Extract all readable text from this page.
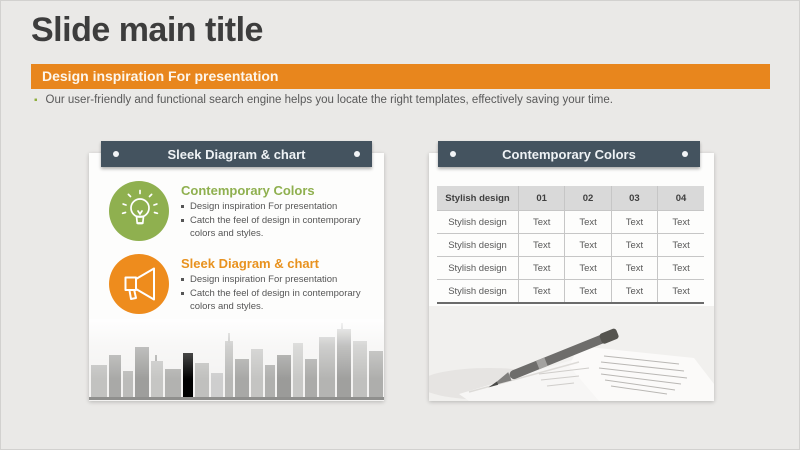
Slide main title
Design inspiration For presentation
▪ Our user-friendly and functional search engine helps you locate the right templates, effectively saving your time.
Sleek Diagram & chart
Contemporary Colors
Design inspiration For presentation
Catch the feel of design in contemporary colors and styles.
Sleek Diagram & chart
Design inspiration For presentation
Catch the feel of design in contemporary colors and styles.
Contemporary Colors
Stylish design	01	02	03	04
Stylish design	Text	Text	Text	Text
Stylish design	Text	Text	Text	Text
Stylish design	Text	Text	Text	Text
Stylish design	Text	Text	Text	Text
